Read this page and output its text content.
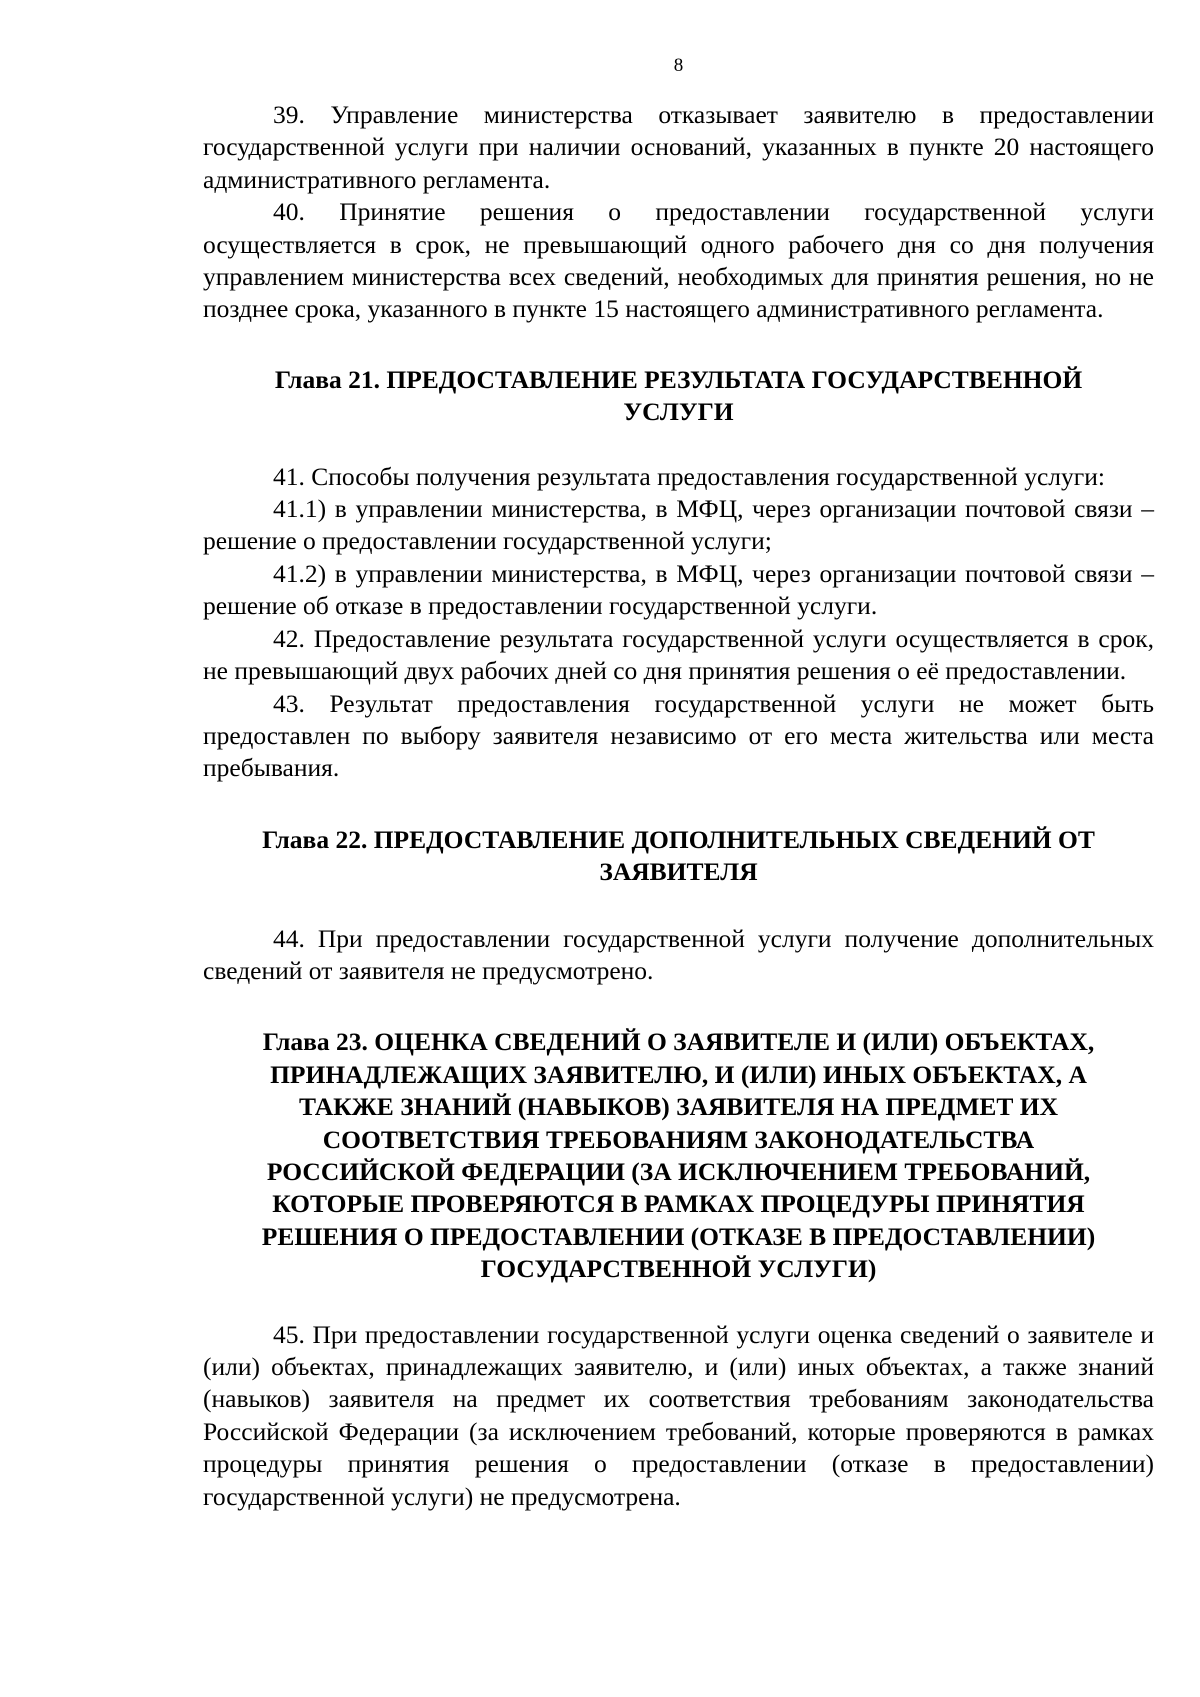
8

39. Управление министерства отказывает заявителю в предоставлении государственной услуги при наличии оснований, указанных в пункте 20 настоящего административного регламента.

40. Принятие решения о предоставлении государственной услуги осуществляется в срок, не превышающий одного рабочего дня со дня получения управлением министерства всех сведений, необходимых для принятия решения, но не позднее срока, указанного в пункте 15 настоящего административного регламента.

Глава 21. ПРЕДОСТАВЛЕНИЕ РЕЗУЛЬТАТА ГОСУДАРСТВЕННОЙ УСЛУГИ

41. Способы получения результата предоставления государственной услуги:

41.1) в управлении министерства, в МФЦ, через организации почтовой связи – решение о предоставлении государственной услуги;

41.2) в управлении министерства, в МФЦ, через организации почтовой связи – решение об отказе в предоставлении государственной услуги.

42. Предоставление результата государственной услуги осуществляется в срок, не превышающий двух рабочих дней со дня принятия решения о её предоставлении.

43. Результат предоставления государственной услуги не может быть предоставлен по выбору заявителя независимо от его места жительства или места пребывания.

Глава 22. ПРЕДОСТАВЛЕНИЕ ДОПОЛНИТЕЛЬНЫХ СВЕДЕНИЙ ОТ ЗАЯВИТЕЛЯ

44. При предоставлении государственной услуги получение дополнительных сведений от заявителя не предусмотрено.

Глава 23. ОЦЕНКА СВЕДЕНИЙ О ЗАЯВИТЕЛЕ И (ИЛИ) ОБЪЕКТАХ, ПРИНАДЛЕЖАЩИХ ЗАЯВИТЕЛЮ, И (ИЛИ) ИНЫХ ОБЪЕКТАХ, А ТАКЖЕ ЗНАНИЙ (НАВЫКОВ) ЗАЯВИТЕЛЯ НА ПРЕДМЕТ ИХ СООТВЕТСТВИЯ ТРЕБОВАНИЯМ ЗАКОНОДАТЕЛЬСТВА РОССИЙСКОЙ ФЕДЕРАЦИИ (ЗА ИСКЛЮЧЕНИЕМ ТРЕБОВАНИЙ, КОТОРЫЕ ПРОВЕРЯЮТСЯ В РАМКАХ ПРОЦЕДУРЫ ПРИНЯТИЯ РЕШЕНИЯ О ПРЕДОСТАВЛЕНИИ (ОТКАЗЕ В ПРЕДОСТАВЛЕНИИ) ГОСУДАРСТВЕННОЙ УСЛУГИ)

45. При предоставлении государственной услуги оценка сведений о заявителе и (или) объектах, принадлежащих заявителю, и (или) иных объектах, а также знаний (навыков) заявителя на предмет их соответствия требованиям законодательства Российской Федерации (за исключением требований, которые проверяются в рамках процедуры принятия решения о предоставлении (отказе в предоставлении) государственной услуги) не предусмотрена.
